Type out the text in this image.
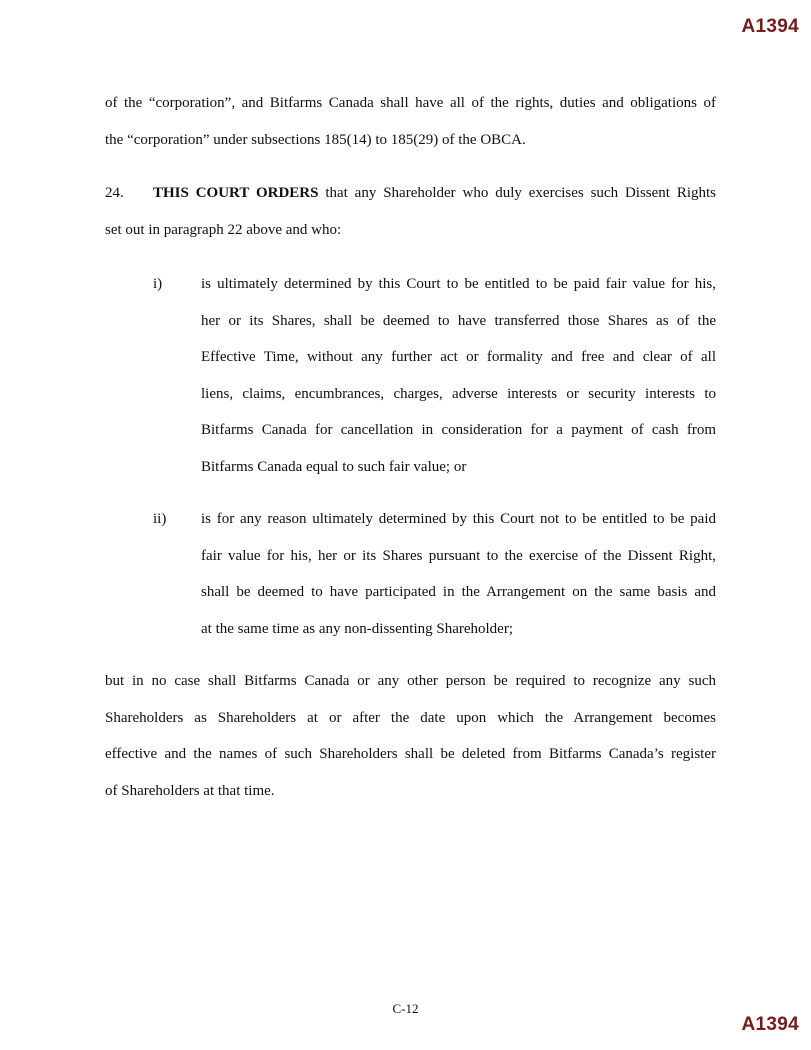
A1394
A1394
of the “corporation”, and Bitfarms Canada shall have all of the rights, duties and obligations of
the “corporation” under subsections 185(14) to 185(29) of the OBCA.
24. THIS COURT ORDERS that any Shareholder who duly exercises such Dissent Rights
set out in paragraph 22 above and who:
i)	is ultimately determined by this Court to be entitled to be paid fair value for his,
her or its Shares, shall be deemed to have transferred those Shares as of the
Effective Time, without any further act or formality and free and clear of all
liens, claims, encumbrances, charges, adverse interests or security interests to
Bitfarms Canada for cancellation in consideration for a payment of cash from
Bitfarms Canada equal to such fair value; or
ii) is for any reason ultimately determined by this Court not to be entitled to be paid
fair value for his, her or its Shares pursuant to the exercise of the Dissent Right,
shall be deemed to have participated in the Arrangement on the same basis and
at the same time as any non-dissenting Shareholder;
but in no case shall Bitfarms Canada or any other person be required to recognize any such
Shareholders as Shareholders at or after the date upon which the Arrangement becomes
effective and the names of such Shareholders shall be deleted from Bitfarms Canada’s register
of Shareholders at that time.
C-12
